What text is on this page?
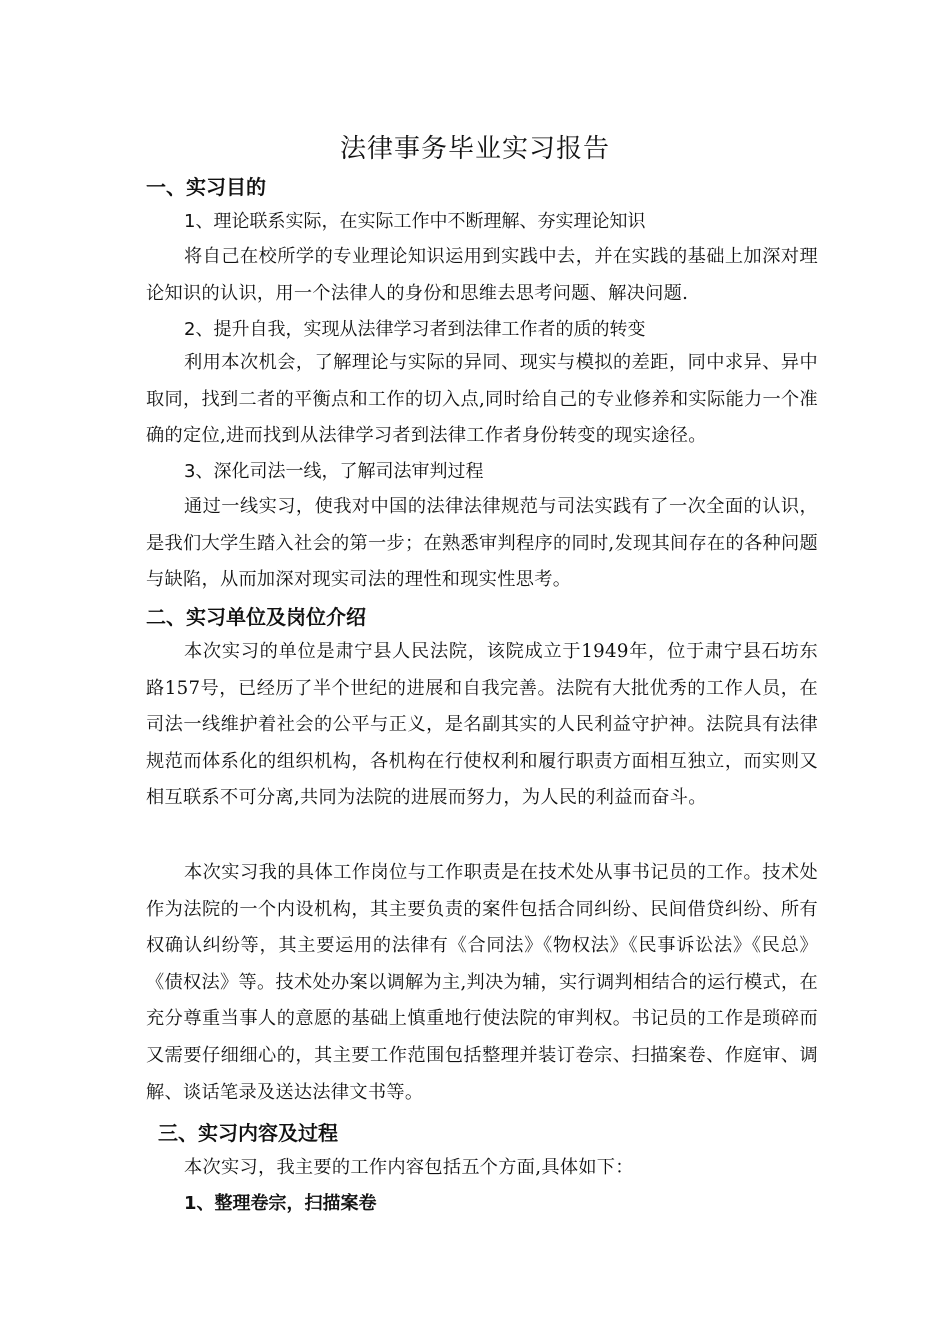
法律事务毕业实习报告
一、实习目的
1、理论联系实际，在实际工作中不断理解、夯实理论知识
将自己在校所学的专业理论知识运用到实践中去，并在实践的基础上加深对理论知识的认识，用一个法律人的身份和思维去思考问题、解决问题.
2、提升自我，实现从法律学习者到法律工作者的质的转变
利用本次机会，了解理论与实际的异同、现实与模拟的差距，同中求异、异中取同，找到二者的平衡点和工作的切入点,同时给自己的专业修养和实际能力一个准确的定位,进而找到从法律学习者到法律工作者身份转变的现实途径。
3、深化司法一线，了解司法审判过程
通过一线实习，使我对中国的法律法律规范与司法实践有了一次全面的认识，是我们大学生踏入社会的第一步；在熟悉审判程序的同时,发现其间存在的各种问题与缺陷，从而加深对现实司法的理性和现实性思考。
二、实习单位及岗位介绍
本次实习的单位是肃宁县人民法院，该院成立于1949年，位于肃宁县石坊东路157号，已经历了半个世纪的进展和自我完善。法院有大批优秀的工作人员，在司法一线维护着社会的公平与正义，是名副其实的人民利益守护神。法院具有法律规范而体系化的组织机构，各机构在行使权利和履行职责方面相互独立，而实则又相互联系不可分离,共同为法院的进展而努力，为人民的利益而奋斗。
本次实习我的具体工作岗位与工作职责是在技术处从事书记员的工作。技术处作为法院的一个内设机构，其主要负责的案件包括合同纠纷、民间借贷纠纷、所有权确认纠纷等，其主要运用的法律有《合同法》《物权法》《民事诉讼法》《民总》《债权法》等。技术处办案以调解为主,判决为辅，实行调判相结合的运行模式，在充分尊重当事人的意愿的基础上慎重地行使法院的审判权。书记员的工作是琐碎而又需要仔细细心的，其主要工作范围包括整理并装订卷宗、扫描案卷、作庭审、调解、谈话笔录及送达法律文书等。
三、实习内容及过程
本次实习，我主要的工作内容包括五个方面,具体如下：
1、整理卷宗，扫描案卷
